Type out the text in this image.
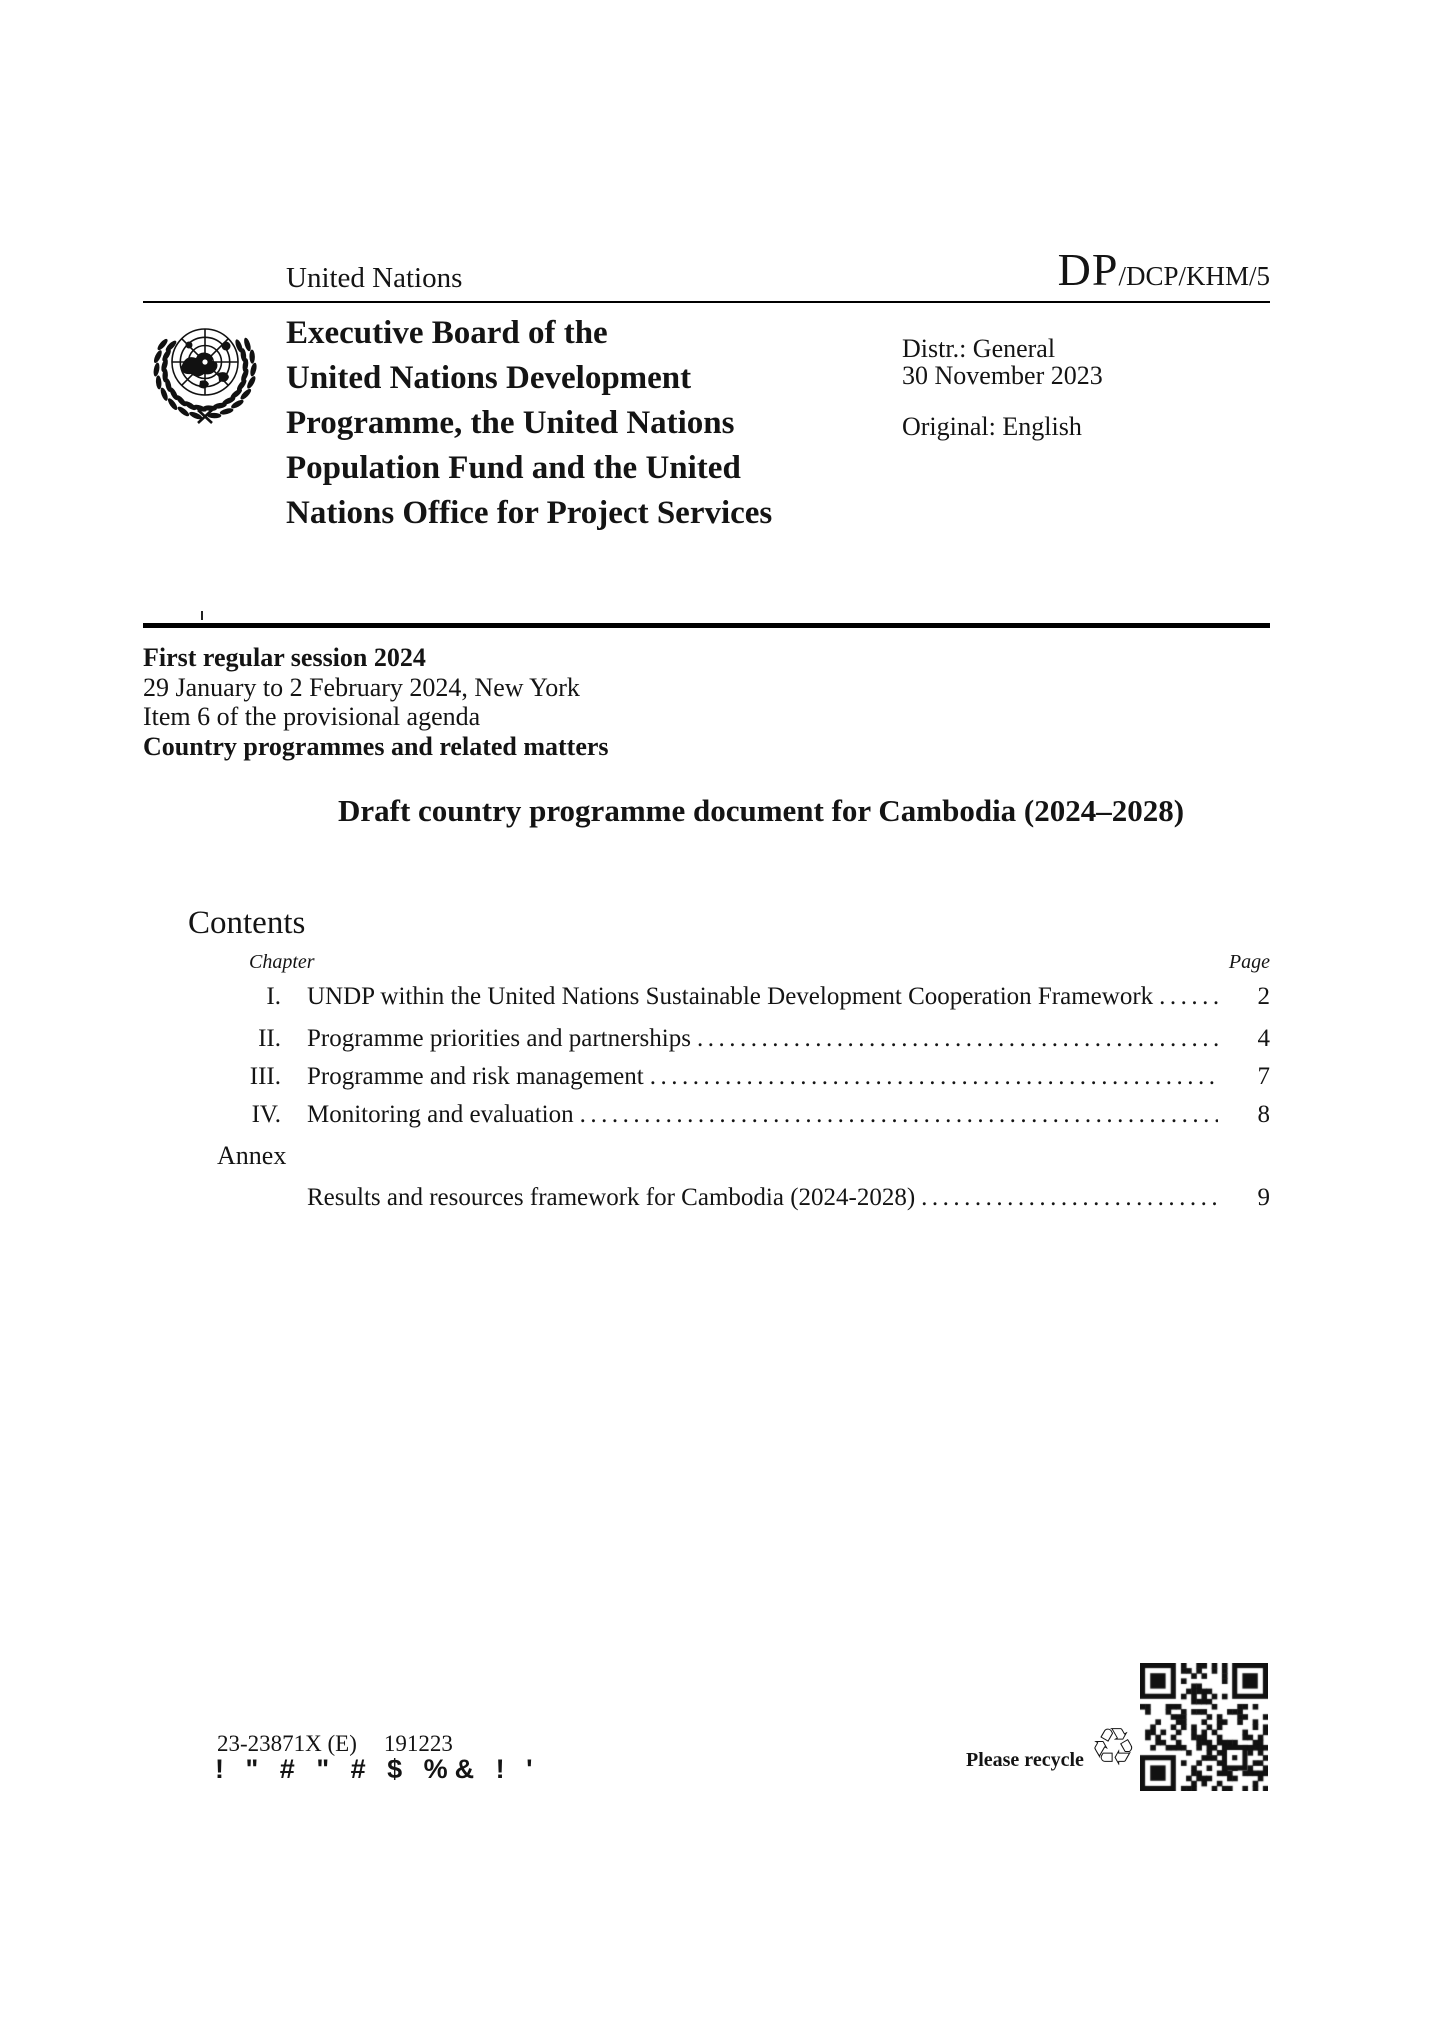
United Nations	DP/DCP/KHM/5
Executive Board of the
United Nations Development
Programme, the United Nations
Population Fund and the United
Nations Office for Project Services
Distr.: General
30 November 2023
Original: English
First regular session 2024
29 January to 2 February 2024, New York
Item 6 of the provisional agenda
Country programmes and related matters
Draft country programme document for Cambodia (2024–2028)
Contents
Chapter	Page
I. UNDP within the United Nations Sustainable Development Cooperation Framework .....	2
II. Programme priorities and partnerships .....	4
III. Programme and risk management .....	7
IV. Monitoring and evaluation .....	8
Annex
Results and resources framework for Cambodia (2024-2028) .....	9
23-23871X (E) 191223
! " # " # $ %& ! '	Please recycle ♲
